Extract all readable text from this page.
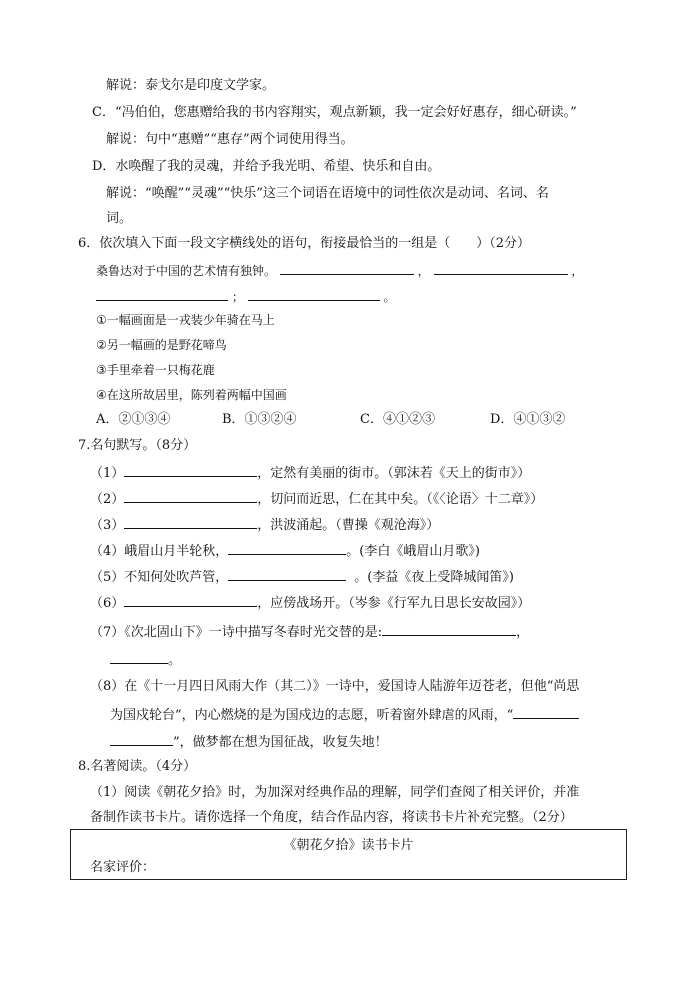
解说：泰戈尔是印度文学家。
C．“冯伯伯，您惠赠给我的书内容翔实，观点新颖，我一定会好好惠存，细心研读。”
解说：句中“惠赠”“惠存”两个词使用得当。
D．水唤醒了我的灵魂，并给予我光明、希望、快乐和自由。
解说：“唤醒”“灵魂”“快乐”这三个词语在语境中的词性依次是动词、名词、名
词。
6．依次填入下面一段文字横线处的语句，衔接最恰当的一组是（　　）（2分）
桑鲁达对于中国的艺术情有独钟。	，	，
；	。
①一幅画面是一戎装少年骑在马上
②另一幅画的是野花啼鸟
③手里牵着一只梅花鹿
④在这所故居里，陈列着两幅中国画
A．②①③④	B．①③②④	C．④①②③	D．④①③②
7.名句默写。（8分）
（1）	，定然有美丽的街市。（郭沫若《天上的街市》）
（2）	，切问而近思，仁在其中矣。（《〈论语〉十二章》）
（3）	，洪波涌起。（曹操《观沧海》）
（4）峨眉山月半轮秋，	。(李白《峨眉山月歌》)
（5）不知何处吹芦管，	。(李益《夜上受降城闻笛》)
（6）	，应傍战场开。（岑参《行军九日思长安故园》）
（7）《次北固山下》一诗中描写冬春时光交替的是:	，
。
（8）在《十一月四日风雨大作（其二）》一诗中，爱国诗人陆游年迈苍老，但他“尚思
为国戍轮台”，内心燃烧的是为国戍边的志愿，听着窗外肆虐的风雨，“
”，做梦都在想为国征战，收复失地！
8.名著阅读。（4分）
（1）阅读《朝花夕拾》时，为加深对经典作品的理解，同学们查阅了相关评价，并准
备制作读书卡片。请你选择一个角度，结合作品内容，将读书卡片补充完整。（2分）
《朝花夕拾》读书卡片
名家评价：
